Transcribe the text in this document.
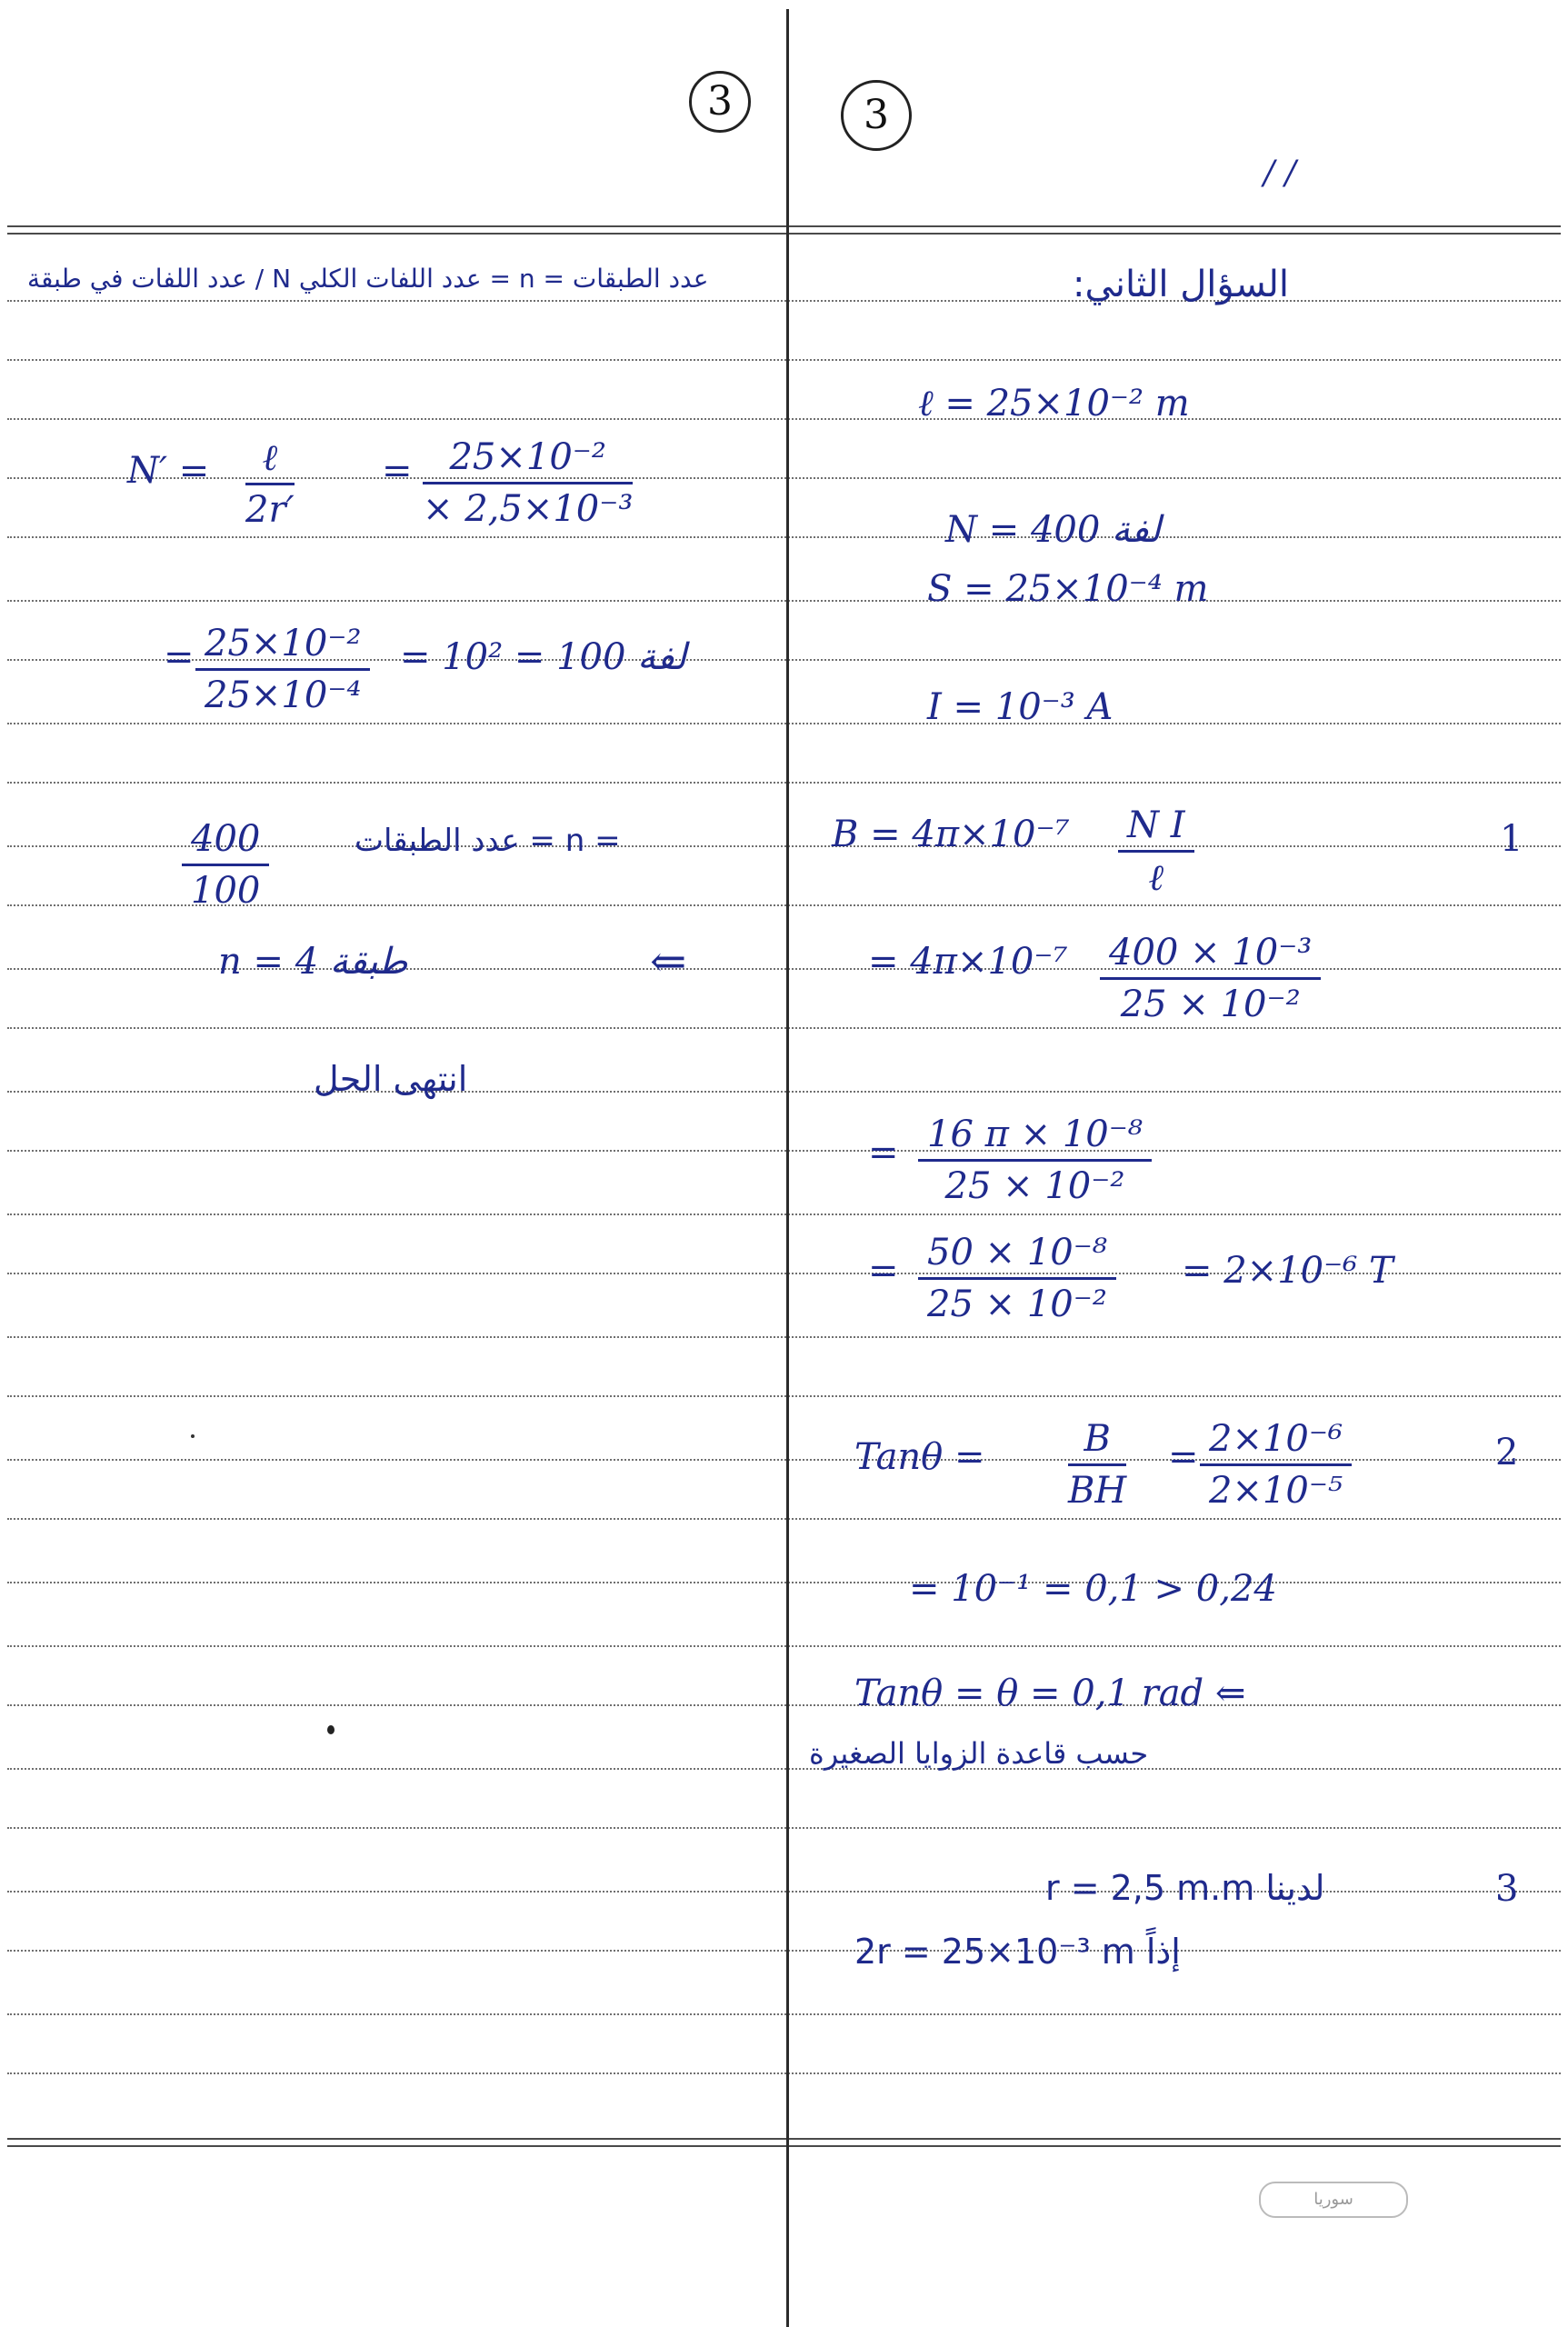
3	3
/ /
السؤال الثاني:
ℓ = 25×10⁻² m
N = 400 لفة
S = 25×10⁻⁴ m
I = 10⁻³ A
1
B = 4π×10⁻⁷ N I
ℓ
= $4\pi\times 10^{-7} \frac{\text{400 × 10⁻³}}{\text{25 × 10⁻²}}$
= $\frac{\text{16 π × 10⁻⁸}}{\text{25 × 10⁻²}}$
= $\frac{\text{50 × 10⁻⁸}}{\text{25 × 10⁻²}} = 2\times 10^{-6}$ T
2
$Tan\theta = \frac{B}{BH} = \frac{\text{2×10⁻⁶}}{\text{2×10⁻⁵}}$
= 10⁻¹ = 0,1 > 0,24
Tanθ = θ = 0,1 rad ⇐
حسب قاعدة الزوايا الصغيرة
3
لدينا r = 2,5 m.m
إذاً 2r = 25×10⁻³ m
عدد الطبقات = n = عدد اللفات الكلي N / عدد اللفات في طبقة
N′ =	ℓ
2r′
= $\frac{\text{25×10⁻²}}{\text{× 2,5×10⁻³}}$
= $\frac{\text{25×10⁻²}}{\text{25×10⁻⁴}} = 10^2 = 100$ لفة
$\frac{400}{100}$	= n = عدد الطبقات
n = 4 طبقة	⇐
انتهى الحل
سوريا
